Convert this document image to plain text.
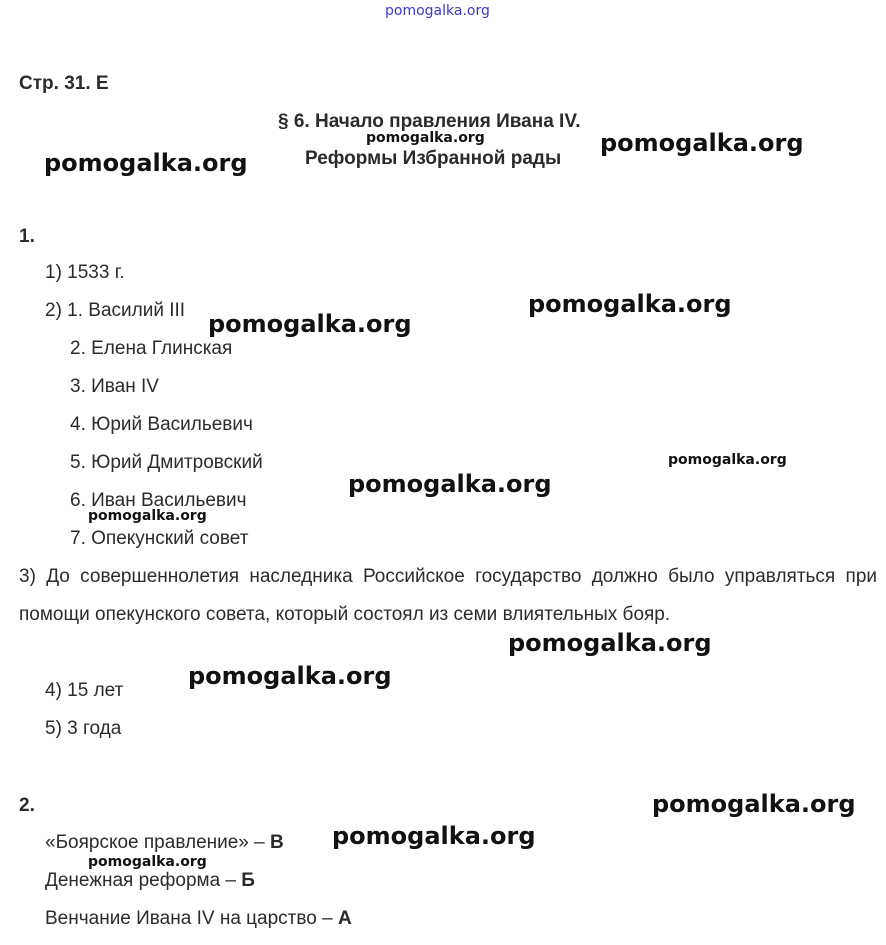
pomogalka.org
Стр. 31. Е
§ 6. Начало правления Ивана IV.
Реформы Избранной рады
1.
1) 1533 г.
2) 1. Василий III
2. Елена Глинская
3. Иван IV
4. Юрий Васильевич
5. Юрий Дмитровский
6. Иван Васильевич
7. Опекунский совет
3) До совершеннолетия наследника Российское государство должно было управляться при помощи опекунского совета, который состоял из семи влиятельных бояр.
4) 15 лет
5) 3 года
2.
«Боярское правление» – В
Денежная реформа – Б
Венчание Ивана IV на царство – А
pomogalka.org
pomogalka.org	pomogalka.org
pomogalka.org
pomogalka.org
pomogalka.org
pomogalka.org
pomogalka.org
pomogalka.org
pomogalka.org
pomogalka.org
pomogalka.org
pomogalka.org
